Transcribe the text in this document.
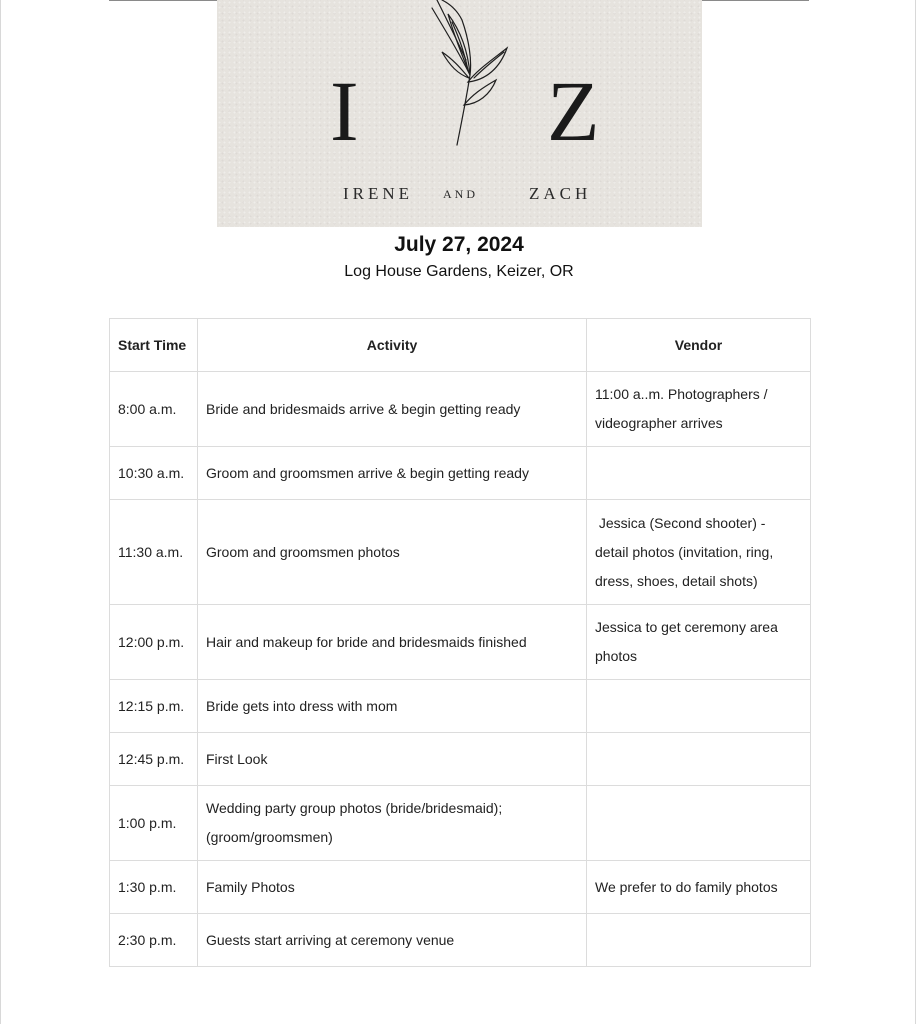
I Z
IRENE AND	ZACH
July 27, 2024
Log House Gardens, Keizer, OR
Start Time	Activity	Vendor
8:00 a.m.	Bride and bridesmaids arrive & begin getting ready	11:00 a..m. Photographers / videographer arrives
10:30 a.m.	Groom and groomsmen arrive & begin getting ready	
11:30 a.m.	Groom and groomsmen photos	Jessica (Second shooter) - detail photos (invitation, ring, dress, shoes, detail shots)
12:00 p.m.	Hair and makeup for bride and bridesmaids finished	Jessica to get ceremony area photos
12:15 p.m.	Bride gets into dress with mom	
12:45 p.m.	First Look	
1:00 p.m.	Wedding party group photos (bride/bridesmaid); (groom/groomsmen)	
1:30 p.m.	Family Photos	We prefer to do family photos
2:30 p.m.	Guests start arriving at ceremony venue	
